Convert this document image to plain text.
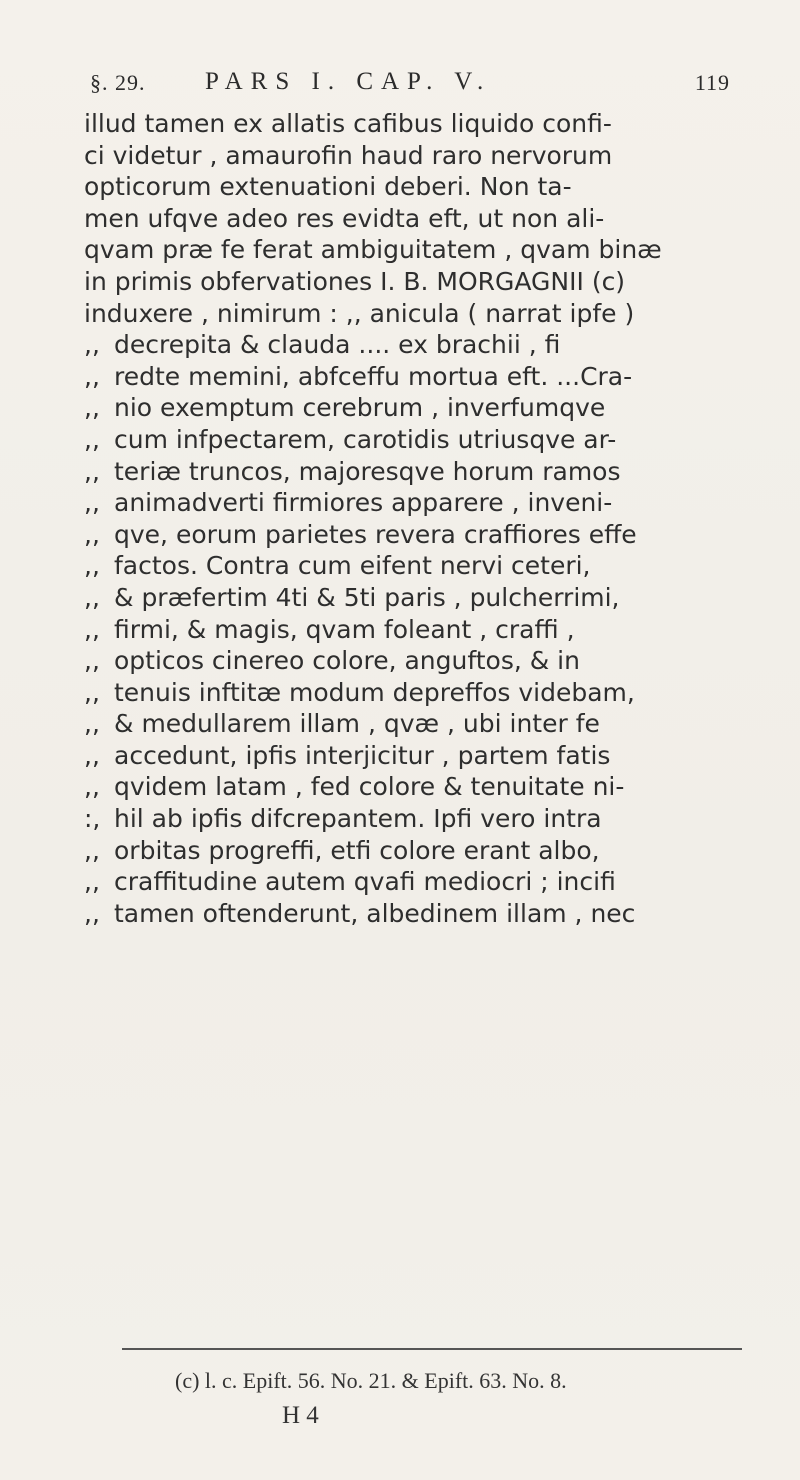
§. 29. PARS I. CAP. V.	119
illud tamen ex allatis cafibus liquido confi-
ci videtur , amaurofin haud raro nervorum
opticorum extenuationi deberi. Non ta-
men ufqve adeo res evidta eft, ut non ali-
qvam præ fe ferat ambiguitatem , qvam binæ
in primis obfervationes I. B. MORGAGNII (c)
induxere , nimirum : ,, anicula ( narrat ipfe )
,, decrepita & clauda .... ex brachii , fi
,, redte memini, abfceffu mortua eft. ...Cra-
,, nio exemptum cerebrum , inverfumqve
,, cum infpectarem, carotidis utriusqve ar-
,, teriæ truncos, majoresqve horum ramos
,, animadverti firmiores apparere , inveni-
,, qve, eorum parietes revera craffiores effe
,, factos. Contra cum eifent nervi ceteri,
,, & præfertim 4ti & 5ti paris , pulcherrimi,
,, firmi, & magis, qvam foleant , craffi ,
,, opticos cinereo colore, anguftos, & in
,, tenuis inftitæ modum depreffos videbam,
,, & medullarem illam , qvæ , ubi inter fe
,, accedunt, ipfis interjicitur , partem fatis
,, qvidem latam , fed colore & tenuitate ni-
:, hil ab ipfis difcrepantem. Ipfi vero intra
,, orbitas progreffi, etfi colore erant albo,
,, craffitudine autem qvafi mediocri ; incifi
,, tamen oftenderunt, albedinem illam , nec
(c) l. c. Epift. 56. No. 21. & Epift. 63. No. 8.
H 4
